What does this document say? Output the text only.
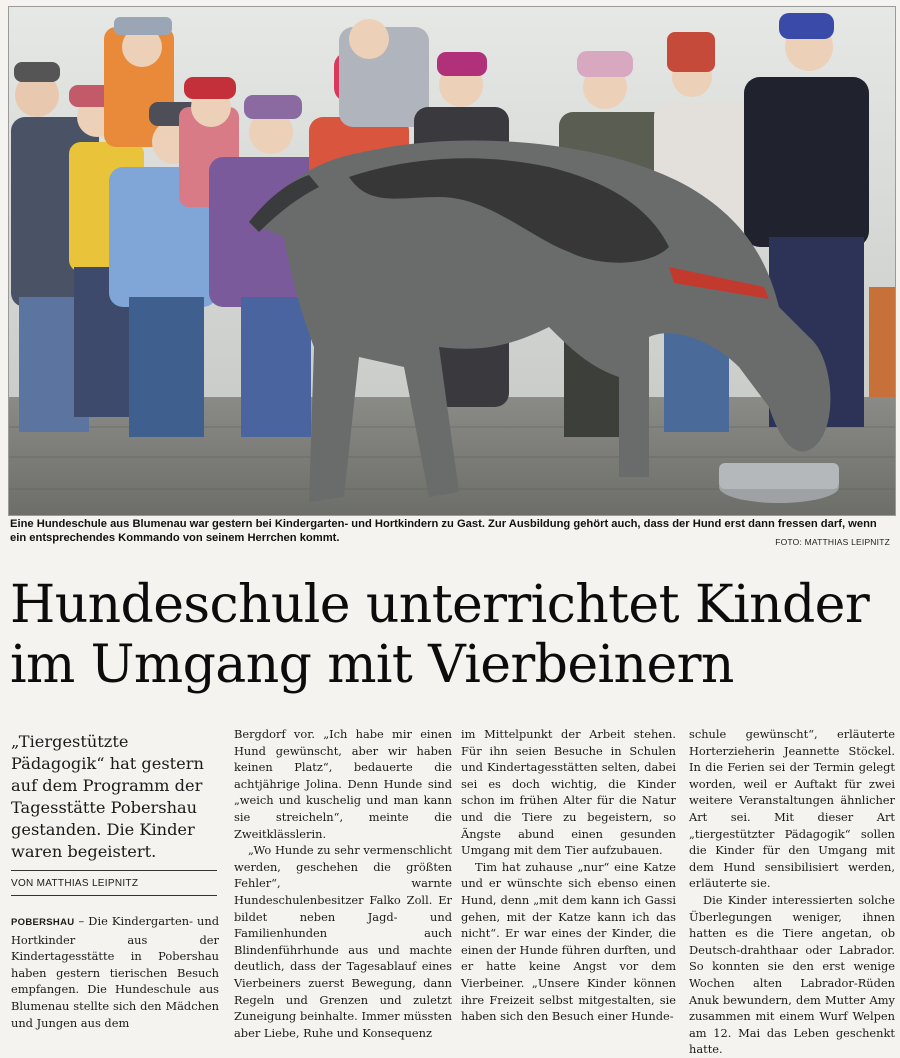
Eine Hundeschule aus Blumenau war gestern bei Kindergarten- und Hortkindern zu Gast. Zur Ausbildung gehört auch, dass der Hund erst dann fressen darf, wenn ein entsprechendes Kommando von seinem Herrchen kommt.	FOTO: MATTHIAS LEIPNITZ
Hundeschule unterrichtet Kinder im Umgang mit Vierbeinern

„Tiergestützte Pädagogik“ hat gestern auf dem Programm der Tagesstätte Pobershau gestanden. Die Kinder waren begeistert.

VON MATTHIAS LEIPNITZ

POBERSHAU – Die Kindergarten- und Hortkinder aus der Kindertagesstätte in Pobershau haben gestern tierischen Besuch empfangen. Die Hundeschule aus Blumenau stellte sich den Mädchen und Jungen aus dem

Bergdorf vor. „Ich habe mir einen Hund gewünscht, aber wir haben keinen Platz“, bedauerte die achtjährige Jolina. Denn Hunde sind „weich und kuschelig und man kann sie streicheln“, meinte die Zweitklässlerin.

„Wo Hunde zu sehr vermenschlicht werden, geschehen die größten Fehler“, warnte Hundeschulenbesitzer Falko Zoll. Er bildet neben Jagd- und Familienhunden auch Blindenführhunde aus und machte deutlich, dass der Tagesablauf eines Vierbeiners zuerst Bewegung, dann Regeln und Grenzen und zuletzt Zuneigung beinhalte. Immer müssten aber Liebe, Ruhe und Konsequenz

im Mittelpunkt der Arbeit stehen. Für ihn seien Besuche in Schulen und Kindertagesstätten selten, dabei sei es doch wichtig, die Kinder schon im frühen Alter für die Natur und die Tiere zu begeistern, so Ängste abund einen gesunden Umgang mit dem Tier aufzubauen.

Tim hat zuhause „nur“ eine Katze und er wünschte sich ebenso einen Hund, denn „mit dem kann ich Gassi gehen, mit der Katze kann ich das nicht“. Er war eines der Kinder, die einen der Hunde führen durften, und er hatte keine Angst vor dem Vierbeiner. „Unsere Kinder können ihre Freizeit selbst mitgestalten, sie haben sich den Besuch einer Hunde-

schule gewünscht“, erläuterte Horterzieherin Jeannette Stöckel. In die Ferien sei der Termin gelegt worden, weil er Auftakt für zwei weitere Veranstaltungen ähnlicher Art sei. Mit dieser Art „tiergestützter Pädagogik“ sollen die Kinder für den Umgang mit dem Hund sensibilisiert werden, erläuterte sie.

Die Kinder interessierten solche Überlegungen weniger, ihnen hatten es die Tiere angetan, ob Deutsch-drahthaar oder Labrador. So konnten sie den erst wenige Wochen alten Labrador-Rüden Anuk bewundern, dem Mutter Amy zusammen mit einem Wurf Welpen am 12. Mai das Leben geschenkt hatte.
